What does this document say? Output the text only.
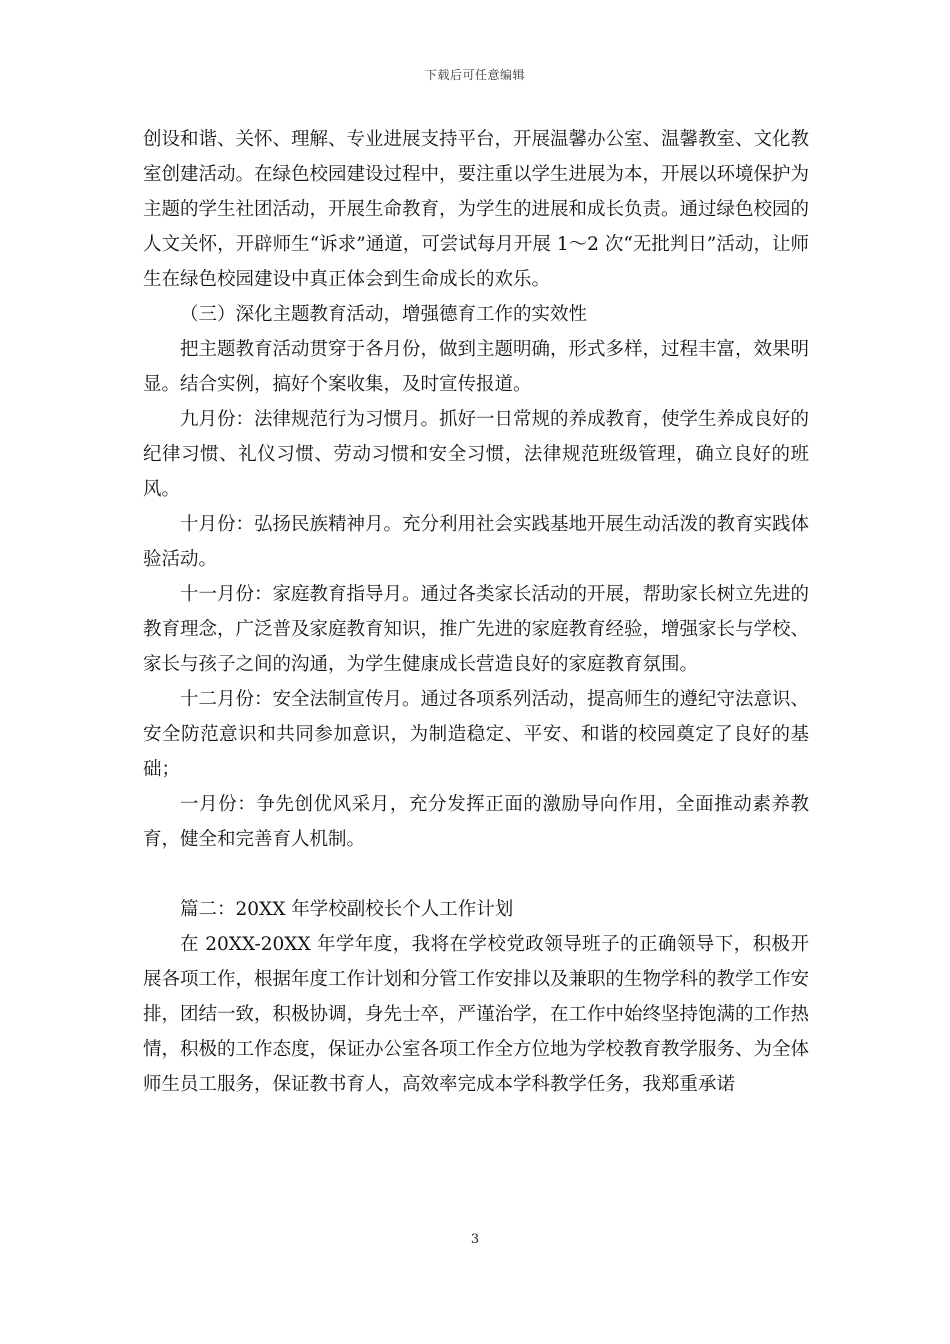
下载后可任意编辑

创设和谐、关怀、理解、专业进展支持平台，开展温馨办公室、温馨教室、文化教室创建活动。在绿色校园建设过程中，要注重以学生进展为本，开展以环境保护为主题的学生社团活动，开展生命教育，为学生的进展和成长负责。通过绿色校园的人文关怀，开辟师生“诉求”通道，可尝试每月开展 1～2 次“无批判日”活动，让师生在绿色校园建设中真正体会到生命成长的欢乐。

（三）深化主题教育活动，增强德育工作的实效性

把主题教育活动贯穿于各月份，做到主题明确，形式多样，过程丰富，效果明显。结合实例，搞好个案收集，及时宣传报道。

九月份：法律规范行为习惯月。抓好一日常规的养成教育，使学生养成良好的纪律习惯、礼仪习惯、劳动习惯和安全习惯，法律规范班级管理，确立良好的班风。

十月份：弘扬民族精神月。充分利用社会实践基地开展生动活泼的教育实践体验活动。

十一月份：家庭教育指导月。通过各类家长活动的开展，帮助家长树立先进的教育理念，广泛普及家庭教育知识，推广先进的家庭教育经验，增强家长与学校、家长与孩子之间的沟通，为学生健康成长营造良好的家庭教育氛围。

十二月份：安全法制宣传月。通过各项系列活动，提高师生的遵纪守法意识、安全防范意识和共同参加意识，为制造稳定、平安、和谐的校园奠定了良好的基础；

一月份：争先创优风采月，充分发挥正面的激励导向作用，全面推动素养教育，健全和完善育人机制。

篇二：20XX 年学校副校长个人工作计划

在 20XX-20XX 年学年度，我将在学校党政领导班子的正确领导下，积极开展各项工作，根据年度工作计划和分管工作安排以及兼职的生物学科的教学工作安排，团结一致，积极协调，身先士卒，严谨治学，在工作中始终坚持饱满的工作热情，积极的工作态度，保证办公室各项工作全方位地为学校教育教学服务、为全体师生员工服务，保证教书育人，高效率完成本学科教学任务，我郑重承诺

3
